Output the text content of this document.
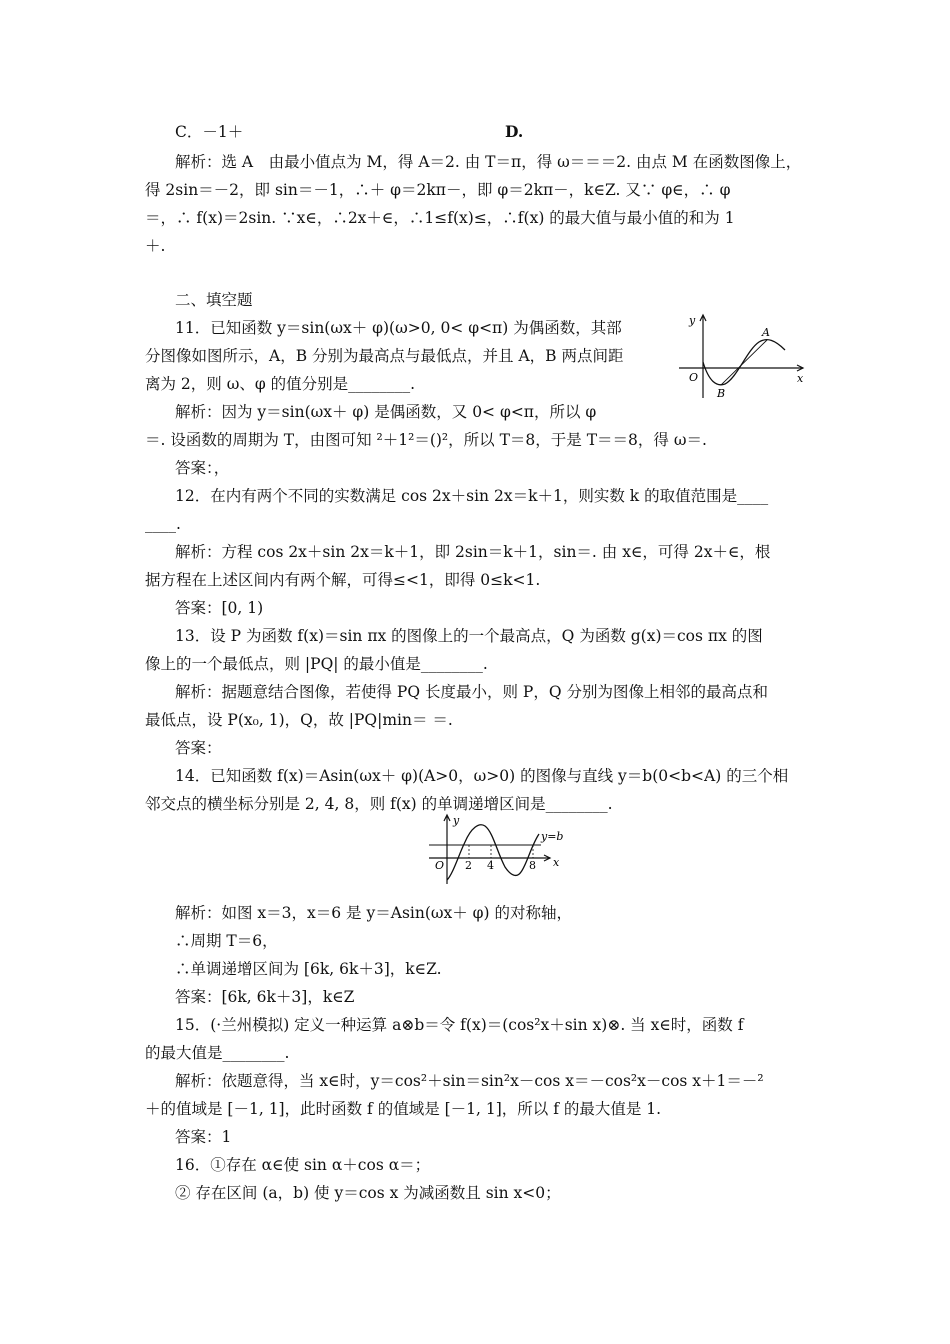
C．－1＋	D.
解析：选 A　由最小值点为 M，得 A＝2. 由 T＝π，得 ω＝＝＝2. 由点 M 在函数图像上，
得 2sin＝－2，即 sin＝－1，∴＋ φ＝2kπ－，即 φ＝2kπ－，k∈Z. 又∵ φ∈，∴ φ
＝，∴ f(x)＝2sin. ∵x∈，∴2x＋∈，∴1≤f(x)≤，∴f(x) 的最大值与最小值的和为 1
＋.
二、填空题
11．已知函数 y＝sin(ωx＋ φ)(ω>0, 0< φ<π) 为偶函数，其部
分图像如图所示，A，B 分别为最高点与最低点，并且 A，B 两点间距
离为 2，则 ω、φ 的值分别是________.
解析：因为 y＝sin(ωx＋ φ) 是偶函数，又 0< φ<π，所以 φ
＝. 设函数的周期为 T，由图可知 ²＋1²＝()²，所以 T＝8，于是 T＝＝8，得 ω＝.
答案：，
12．在内有两个不同的实数满足 cos 2x＋sin 2x＝k＋1，则实数 k 的取值范围是____
____.
解析：方程 cos 2x＋sin 2x＝k＋1，即 2sin＝k＋1，sin＝. 由 x∈，可得 2x＋∈，根
据方程在上述区间内有两个解，可得≤<1，即得 0≤k<1.
答案：[0, 1)
13．设 P 为函数 f(x)＝sin πx 的图像上的一个最高点，Q 为函数 g(x)＝cos πx 的图
像上的一个最低点，则 |PQ| 的最小值是________.
解析：据题意结合图像，若使得 PQ 长度最小，则 P，Q 分别为图像上相邻的最高点和
最低点，设 P(x₀, 1)，Q，故 |PQ|min＝ ＝.
答案：
14．已知函数 f(x)＝Asin(ωx＋ φ)(A>0，ω>0) 的图像与直线 y＝b(0<b<A) 的三个相
邻交点的横坐标分别是 2, 4, 8，则 f(x) 的单调递增区间是________.
解析：如图 x＝3，x＝6 是 y＝Asin(ωx＋ φ) 的对称轴，
∴周期 T＝6，
∴单调递增区间为 [6k, 6k＋3]，k∈Z.
答案：[6k, 6k＋3]，k∈Z
15．(·兰州模拟) 定义一种运算 a⊗b＝令 f(x)＝(cos²x＋sin x)⊗. 当 x∈时，函数 f
的最大值是________.
解析：依题意得，当 x∈时，y＝cos²＋sin＝sin²x－cos x＝－cos²x－cos x＋1＝－²
＋的值域是 [－1, 1]，此时函数 f 的值域是 [－1, 1]，所以 f 的最大值是 1.
答案：1
16．①存在 α∈使 sin α＋cos α＝；
② 存在区间 (a，b) 使 y＝cos x 为减函数且 sin x<0；
y
x
O
A
B
y
x
O
y=b
2 4	8
